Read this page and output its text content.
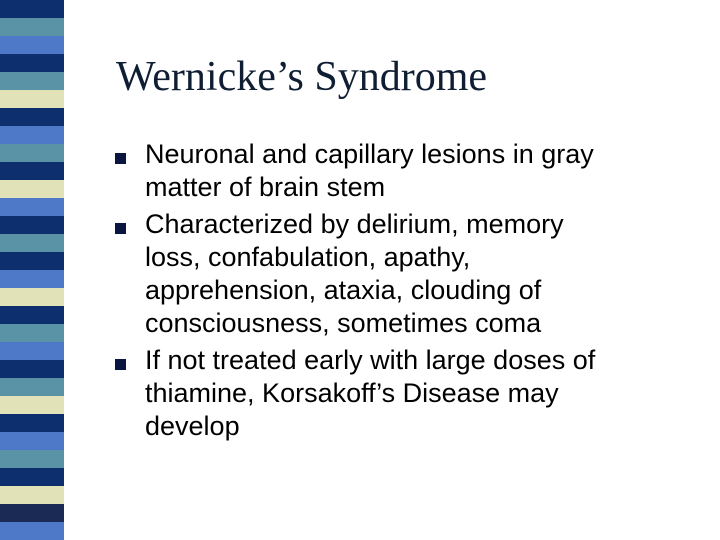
Wernicke’s Syndrome
Neuronal and capillary lesions in gray
matter of brain stem
Characterized by delirium, memory
loss, confabulation, apathy,
apprehension, ataxia, clouding of
consciousness, sometimes coma
If not treated early with large doses of
thiamine, Korsakoff’s Disease may
develop
